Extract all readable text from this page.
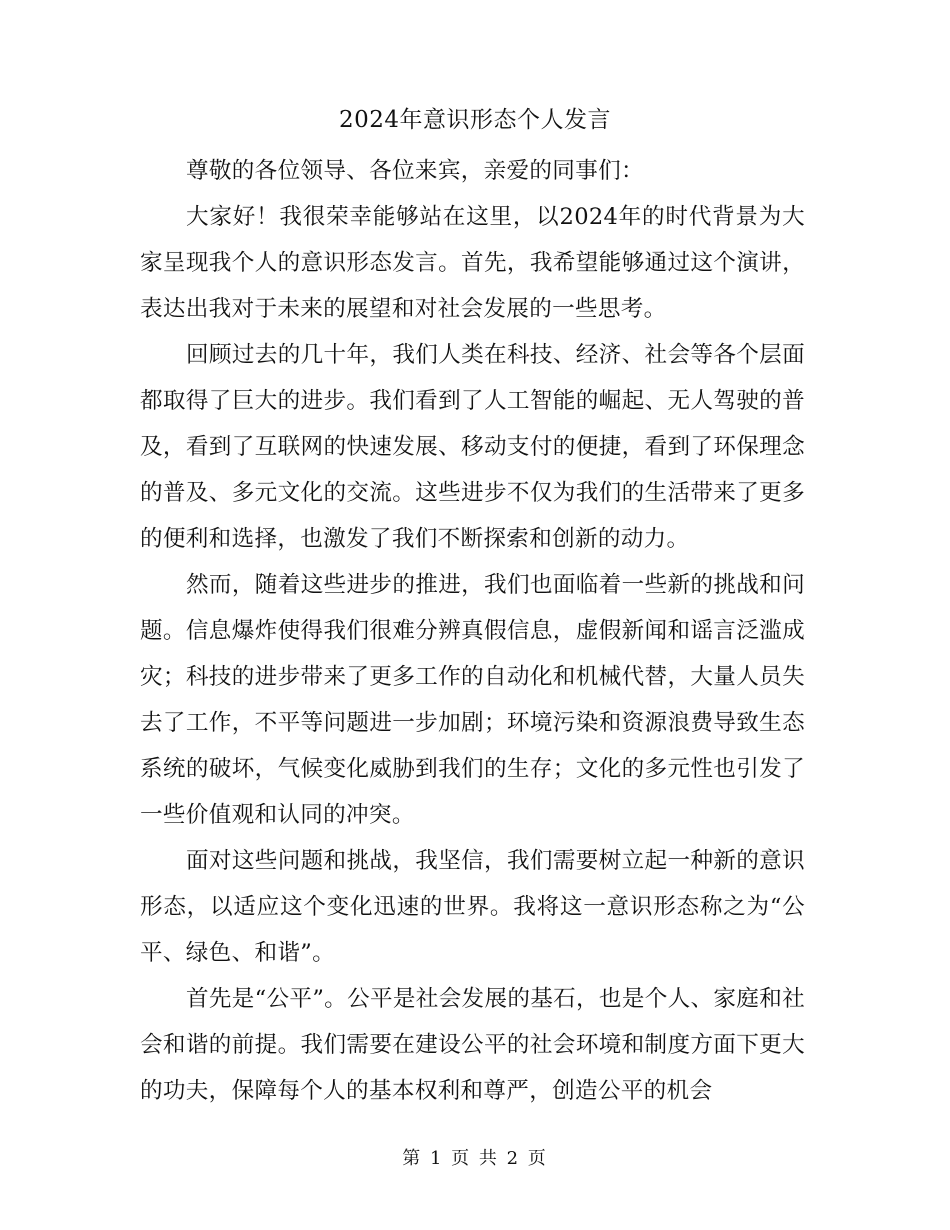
2024年意识形态个人发言

尊敬的各位领导、各位来宾，亲爱的同事们：

大家好！我很荣幸能够站在这里，以2024年的时代背景为大家呈现我个人的意识形态发言。首先，我希望能够通过这个演讲，表达出我对于未来的展望和对社会发展的一些思考。

回顾过去的几十年，我们人类在科技、经济、社会等各个层面都取得了巨大的进步。我们看到了人工智能的崛起、无人驾驶的普及，看到了互联网的快速发展、移动支付的便捷，看到了环保理念的普及、多元文化的交流。这些进步不仅为我们的生活带来了更多的便利和选择，也激发了我们不断探索和创新的动力。

然而，随着这些进步的推进，我们也面临着一些新的挑战和问题。信息爆炸使得我们很难分辨真假信息，虚假新闻和谣言泛滥成灾；科技的进步带来了更多工作的自动化和机械代替，大量人员失去了工作，不平等问题进一步加剧；环境污染和资源浪费导致生态系统的破坏，气候变化威胁到我们的生存；文化的多元性也引发了一些价值观和认同的冲突。

面对这些问题和挑战，我坚信，我们需要树立起一种新的意识形态，以适应这个变化迅速的世界。我将这一意识形态称之为“公平、绿色、和谐”。

首先是“公平”。公平是社会发展的基石，也是个人、家庭和社会和谐的前提。我们需要在建设公平的社会环境和制度方面下更大的功夫，保障每个人的基本权利和尊严，创造公平的机会

第 1 页 共 2 页
